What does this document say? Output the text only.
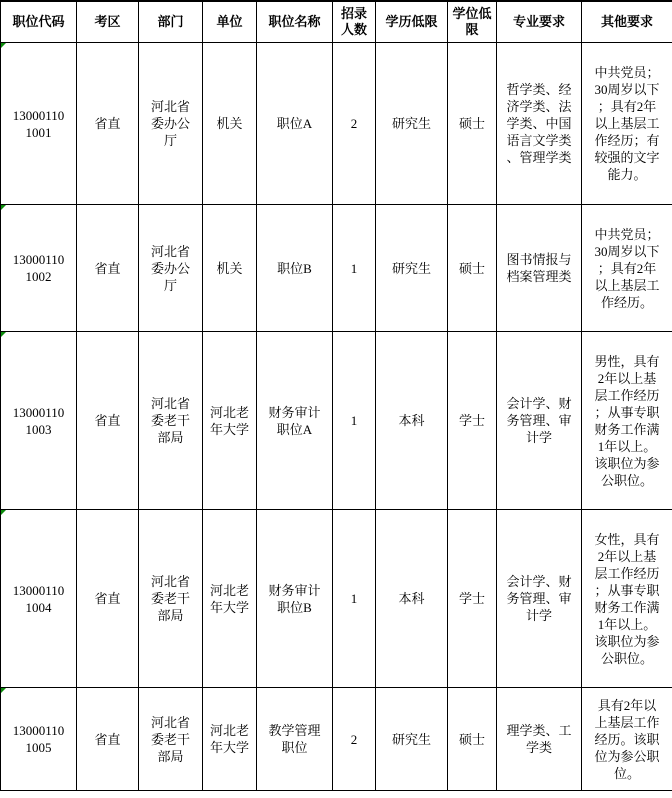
职位代码	考区	部门	单位	职位名称	招录人数	学历低限	学位低限	专业要求	其他要求

130001101001	省直	河北省委办公厅	机关	职位A	2	研究生	硕士	哲学类、经济学类、法学类、中国语言文学类、管理学类	中共党员；30周岁以下；具有2年以上基层工作经历；有较强的文字能力。

130001101002	省直	河北省委办公厅	机关	职位B	1	研究生	硕士	图书情报与档案管理类	中共党员；30周岁以下；具有2年以上基层工作经历。

130001101003	省直	河北省委老干部局	河北老年大学	财务审计职位A	1	本科	学士	会计学、财务管理、审计学	男性，具有2年以上基层工作经历；从事专职财务工作满1年以上。该职位为参公职位。

130001101004	省直	河北省委老干部局	河北老年大学	财务审计职位B	1	本科	学士	会计学、财务管理、审计学	女性，具有2年以上基层工作经历；从事专职财务工作满1年以上。该职位为参公职位。

130001101005	省直	河北省委老干部局	河北老年大学	教学管理职位	2	研究生	硕士	理学类、工学类	具有2年以上基层工作经历。该职位为参公职位。
